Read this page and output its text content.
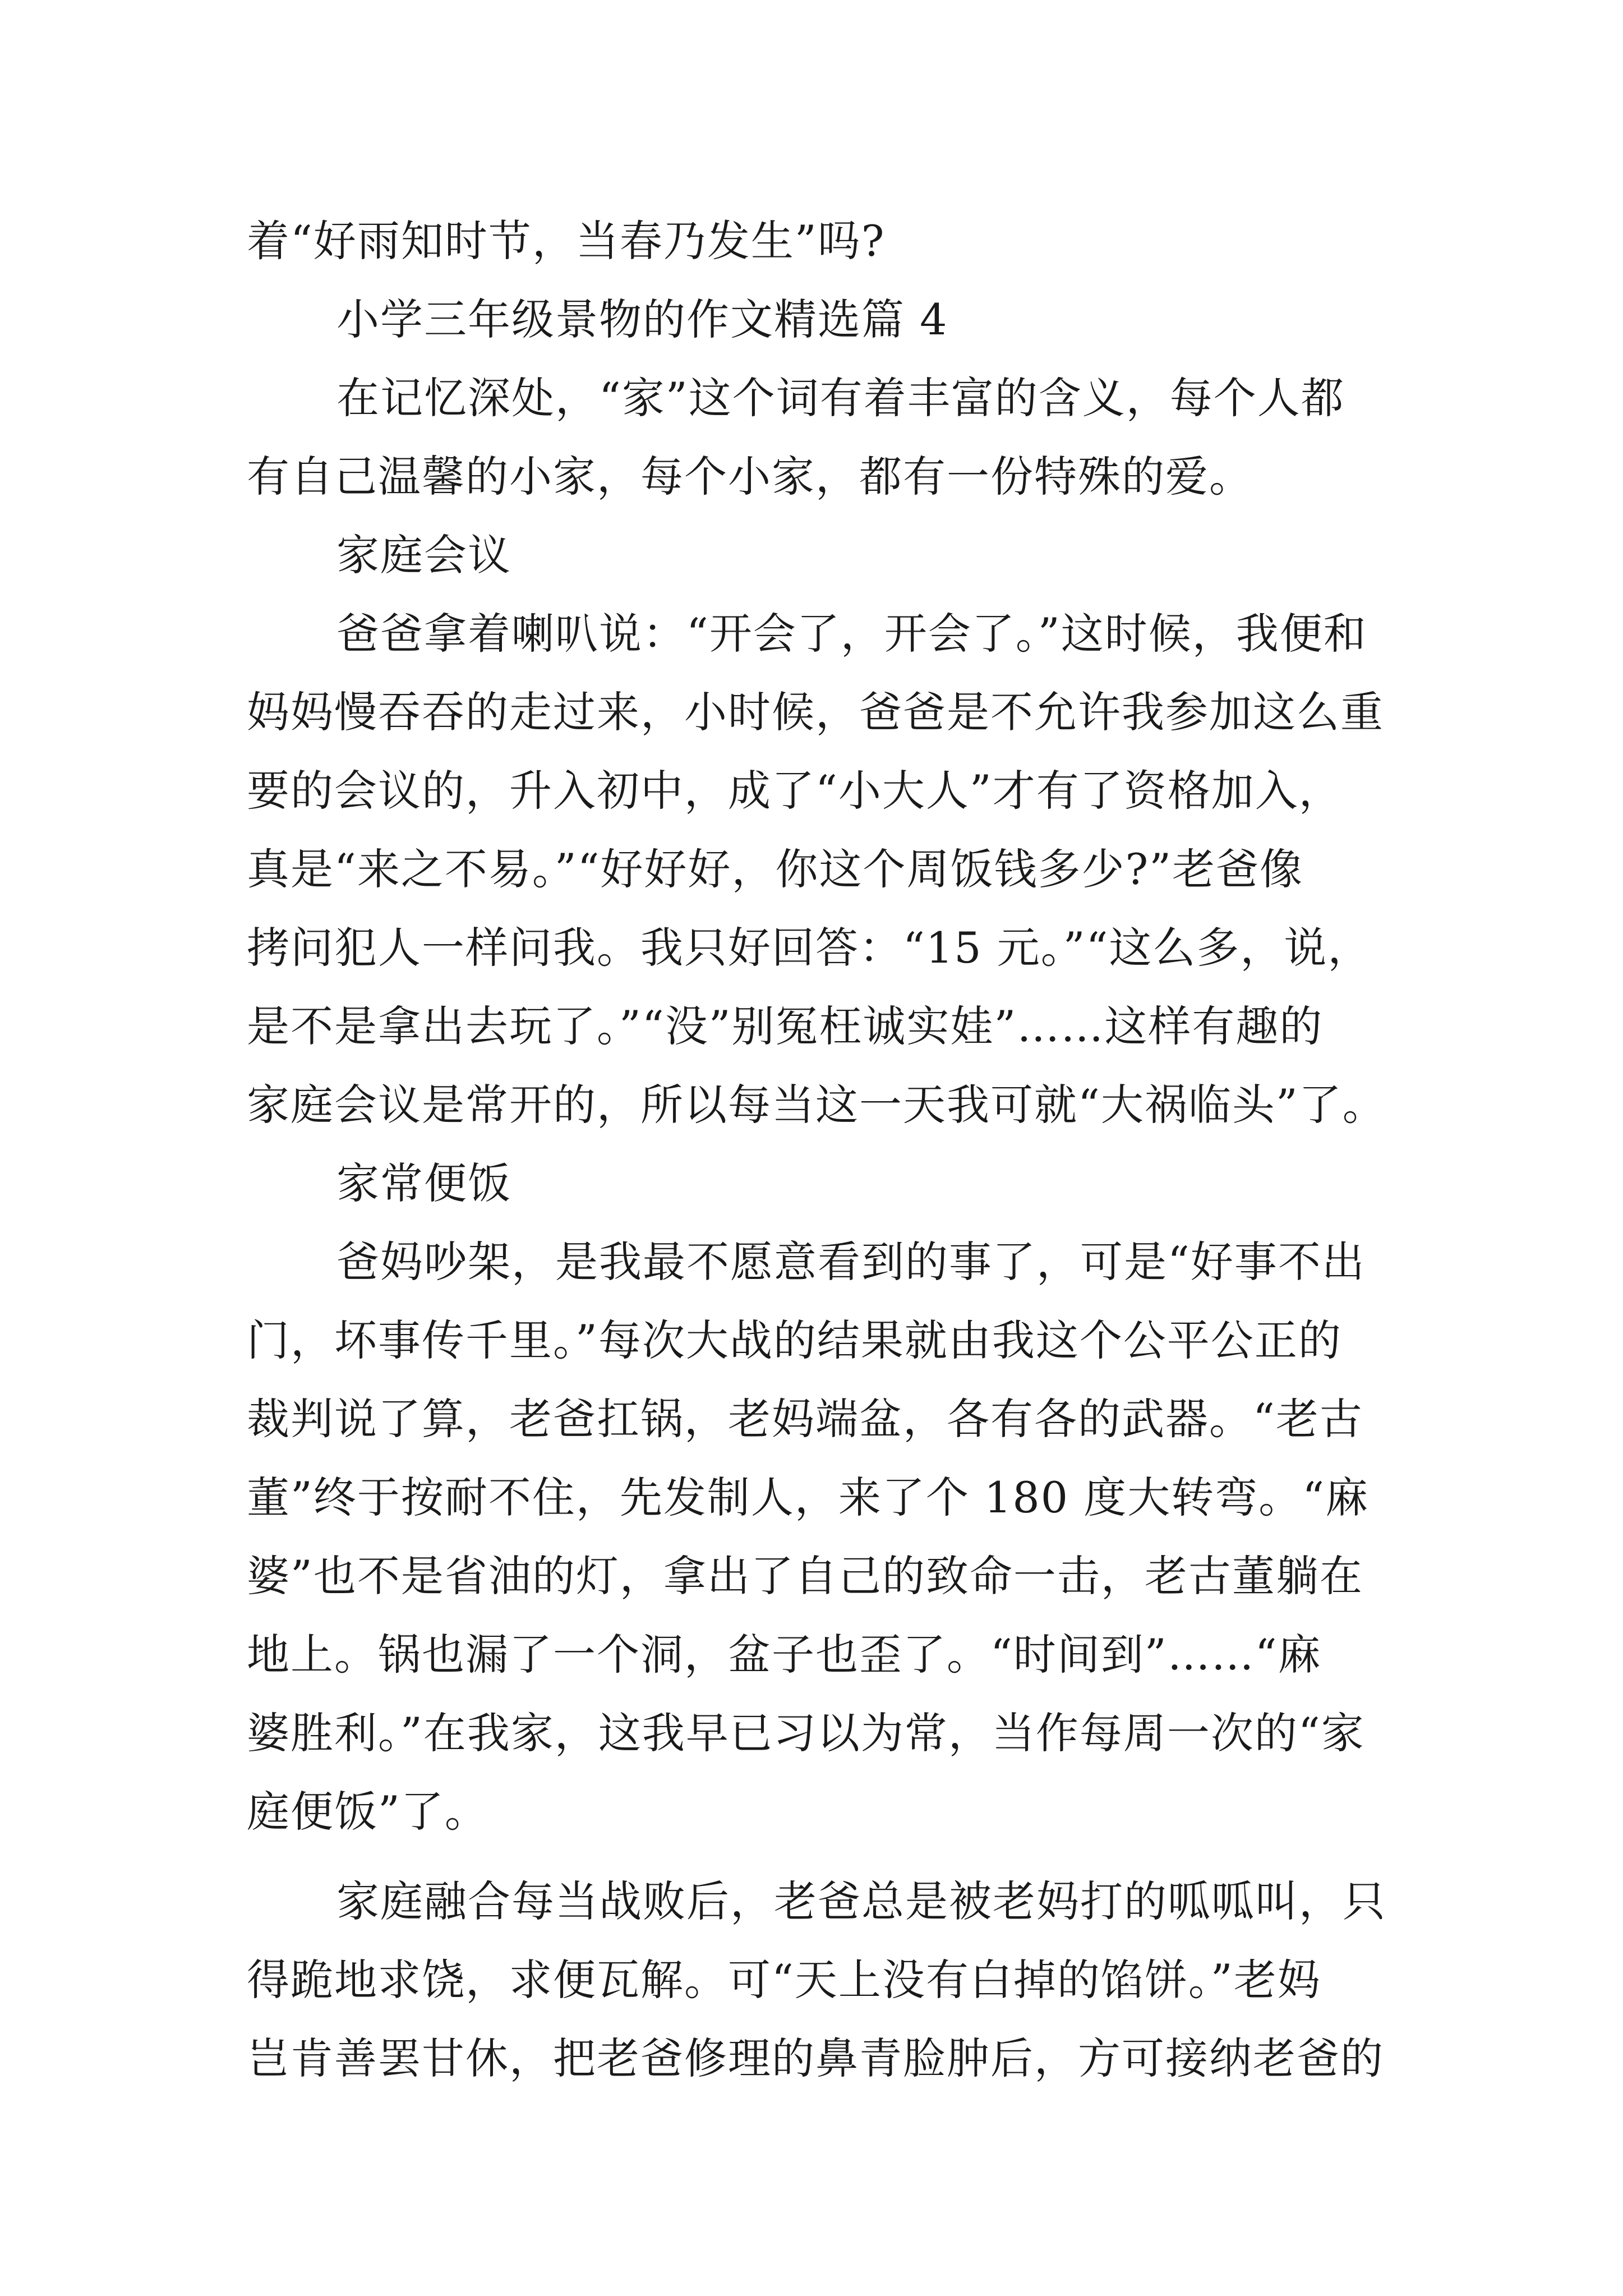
着“好雨知时节，当春乃发生”吗?
小学三年级景物的作文精选篇 4
在记忆深处，“家”这个词有着丰富的含义，每个人都
有自己温馨的小家，每个小家，都有一份特殊的爱。
家庭会议
爸爸拿着喇叭说：“开会了，开会了。”这时候，我便和
妈妈慢吞吞的走过来，小时候，爸爸是不允许我参加这么重
要的会议的，升入初中，成了“小大人”才有了资格加入，
真是“来之不易。”“好好好，你这个周饭钱多少?”老爸像
拷问犯人一样问我。我只好回答：“15 元。”“这么多，说，
是不是拿出去玩了。”“没”别冤枉诚实娃”……这样有趣的
家庭会议是常开的，所以每当这一天我可就“大祸临头”了。
家常便饭
爸妈吵架，是我最不愿意看到的事了，可是“好事不出
门，坏事传千里。”每次大战的结果就由我这个公平公正的
裁判说了算，老爸扛锅，老妈端盆，各有各的武器。“老古
董”终于按耐不住，先发制人，来了个 180 度大转弯。“麻
婆”也不是省油的灯，拿出了自己的致命一击，老古董躺在
地上。锅也漏了一个洞，盆子也歪了。“时间到”……“麻
婆胜利。”在我家，这我早已习以为常，当作每周一次的“家
庭便饭”了。
家庭融合每当战败后，老爸总是被老妈打的呱呱叫，只
得跪地求饶，求便瓦解。可“天上没有白掉的馅饼。”老妈
岂肯善罢甘休，把老爸修理的鼻青脸肿后，方可接纳老爸的
